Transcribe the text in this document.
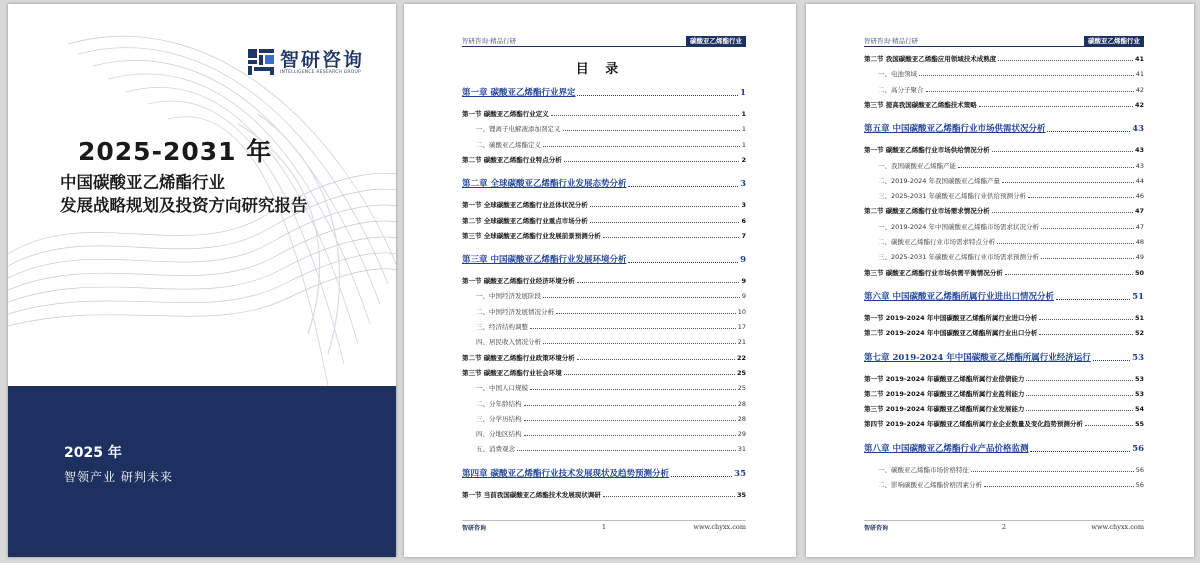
智研咨询
INTELLIGENCE RESEARCH GROUP
2025-2031 年
中国碳酸亚乙烯酯行业
发展战略规划及投资方向研究报告
2025 年
智领产业 研判未来
智研咨询·精品行研	碳酸亚乙烯酯行业
目 录
第一章 碳酸亚乙烯酯行业界定	1
第一节 碳酸亚乙烯酯行业定义	1
一、锂离子电解液添加剂定义	1
二、碳酸亚乙烯酯定义	1
第二节 碳酸亚乙烯酯行业特点分析	2
第二章 全球碳酸亚乙烯酯行业发展态势分析	3
第一节 全球碳酸亚乙烯酯行业总体状况分析	3
第二节 全球碳酸亚乙烯酯行业重点市场分析	6
第三节 全球碳酸亚乙烯酯行业发展前景预测分析	7
第三章 中国碳酸亚乙烯酯行业发展环境分析	9
第一节 碳酸亚乙烯酯行业经济环境分析	9
一、中国经济发展阶段	9
二、中国经济发展情况分析	10
三、经济结构调整	17
四、居民收入情况分析	21
第二节 碳酸亚乙烯酯行业政策环境分析	22
第三节 碳酸亚乙烯酯行业社会环境	25
一、中国人口规模	25
二、分年龄结构	28
三、分学历结构	28
四、分地区结构	29
五、消费观念	31
第四章 碳酸亚乙烯酯行业技术发展现状及趋势预测分析	35
第一节 当前我国碳酸亚乙烯酯技术发展现状调研	35
智研咨询	1	www.chyxx.com
智研咨询·精品行研	碳酸亚乙烯酯行业
第二节 我国碳酸亚乙烯酯应用领域技术成熟度	41
一、电池领域	41
二、高分子聚合	42
第三节 提高我国碳酸亚乙烯酯技术策略	42
第五章 中国碳酸亚乙烯酯行业市场供需状况分析	43
第一节 碳酸亚乙烯酯行业市场供给情况分析	43
一、我国碳酸亚乙烯酯产能	43
二、2019-2024 年我国碳酸亚乙烯酯产量	44
三、2025-2031 年碳酸亚乙烯酯行业供给预测分析	46
第二节 碳酸亚乙烯酯行业市场需求情况分析	47
一、2019-2024 年中国碳酸亚乙烯酯市场需求状况分析	47
二、碳酸亚乙烯酯行业市场需求特点分析	48
三、2025-2031 年碳酸亚乙烯酯行业市场需求预测分析	49
第三节 碳酸亚乙烯酯行业市场供需平衡情况分析	50
第六章 中国碳酸亚乙烯酯所属行业进出口情况分析	51
第一节 2019-2024 年中国碳酸亚乙烯酯所属行业进口分析	51
第二节 2019-2024 年中国碳酸亚乙烯酯所属行业出口分析	52
第七章 2019-2024 年中国碳酸亚乙烯酯所属行业经济运行	53
第一节 2019-2024 年碳酸亚乙烯酯所属行业偿债能力	53
第二节 2019-2024 年碳酸亚乙烯酯所属行业盈利能力	53
第三节 2019-2024 年碳酸亚乙烯酯所属行业发展能力	54
第四节 2019-2024 年碳酸亚乙烯酯所属行业企业数量及变化趋势预测分析	55
第八章 中国碳酸亚乙烯酯行业产品价格监测	56
一、碳酸亚乙烯酯市场价格特征	56
二、影响碳酸亚乙烯酯价格因素分析	56
智研咨询	2	www.chyxx.com
